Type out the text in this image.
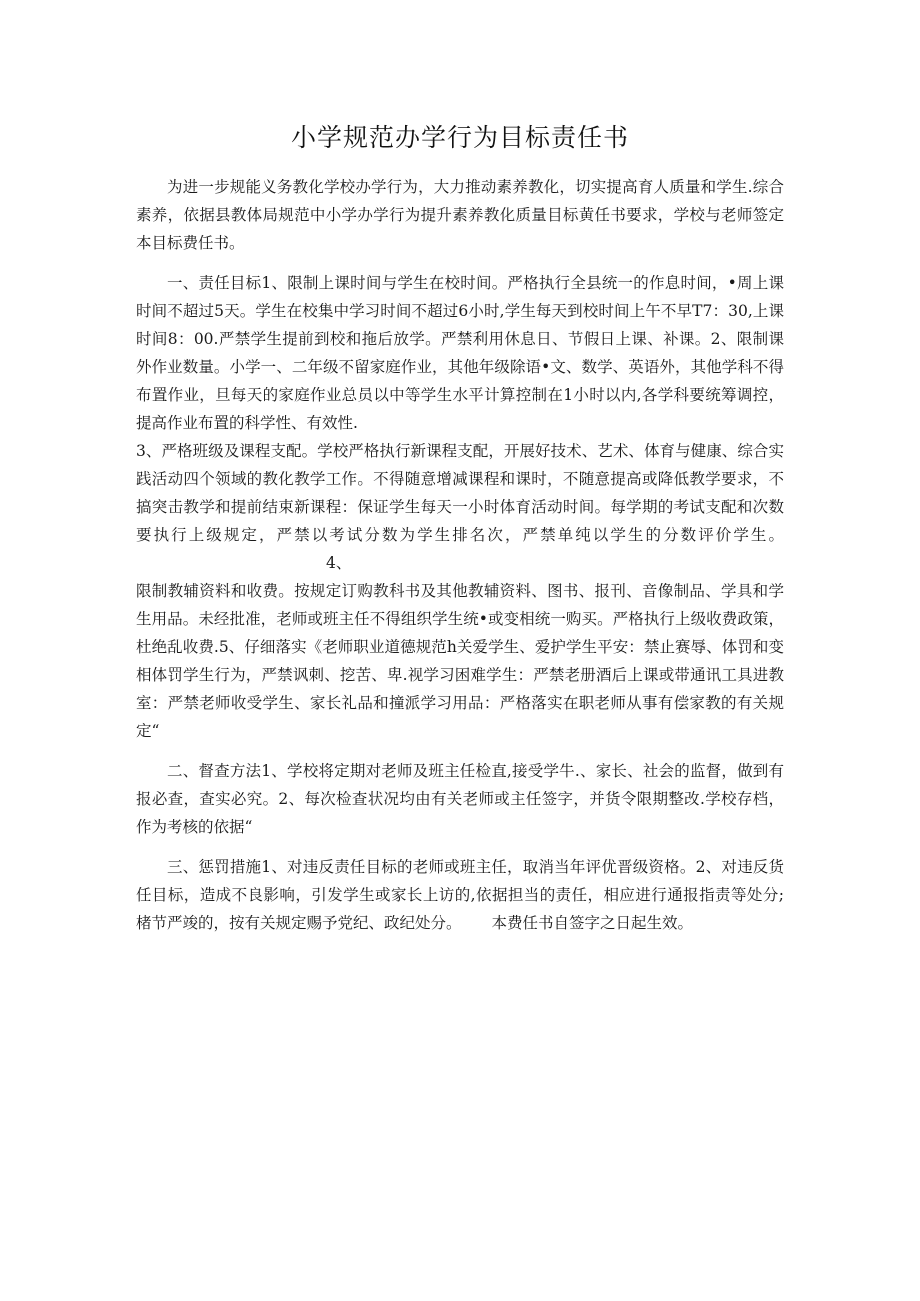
小学规范办学行为目标责任书

为进一步规能义务教化学校办学行为，大力推动素养教化，切实提高育人质量和学生.综合素养，依据县教体局规范中小学办学行为提升素养教化质量目标黄任书要求，学校与老师签定本目标费任书。

一、责任目标1、限制上课时间与学生在校时间。严格执行全县统一的作息时间，•周上课时间不超过5天。学生在校集中学习时间不超过6小时,学生每天到校时间上午不早T7：30,上课时间8：00.严禁学生提前到校和拖后放学。严禁利用休息日、节假日上课、补课。2、限制课外作业数量。小学一、二年级不留家庭作业，其他年级除语•文、数学、英语外，其他学科不得布置作业，旦每天的家庭作业总员以中等学生水平计算控制在1小时以内,各学科要统筹调控，提高作业布置的科学性、有效性.

3、严格班级及课程支配。学校严格执行新课程支配，开展好技术、艺术、体育与健康、综合实践活动四个领域的教化教学工作。不得随意增减课程和课时，不随意提高或降低教学要求，不搞突击教学和提前结束新课程：保证学生每天一小时体育活动时间。每学期的考试支配和次数要执行上级规定，严禁以考试分数为学生排名次，严禁单纯以学生的分数评价学生。4、

限制教辅资料和收费。按规定订购教科书及其他教辅资料、图书、报刊、音像制品、学具和学生用品。未经批准，老师或班主任不得组织学生统•或变相统一购买。严格执行上级收费政策，杜绝乱收费.5、仔细落实《老师职业道德规范h关爱学生、爱护学生平安：禁止赛辱、体罚和变相体罚学生行为，严禁讽刺、挖苦、卑.视学习困难学生：严禁老册酒后上课或带通讯工具进教室：严禁老师收受学生、家长礼品和撞派学习用品：严格落实在职老师从事有偿家教的有关规定“

二、督查方法1、学校将定期对老师及班主任检直,接受学牛.、家长、社会的监督，做到有报必查，查实必究。2、每次检查状况均由有关老师或主任签字，并货令限期整改.学校存档，作为考核的依据“

三、惩罚措施1、对违反责任目标的老师或班主任，取消当年评优晋级资格。2、对违反货任目标，造成不良影响，引发学生或家长上访的,依据担当的责任，相应进行通报指责等处分; 楮节严竣的，按有关规定赐予党纪、政纪处分。 本费任书自签字之日起生效。
